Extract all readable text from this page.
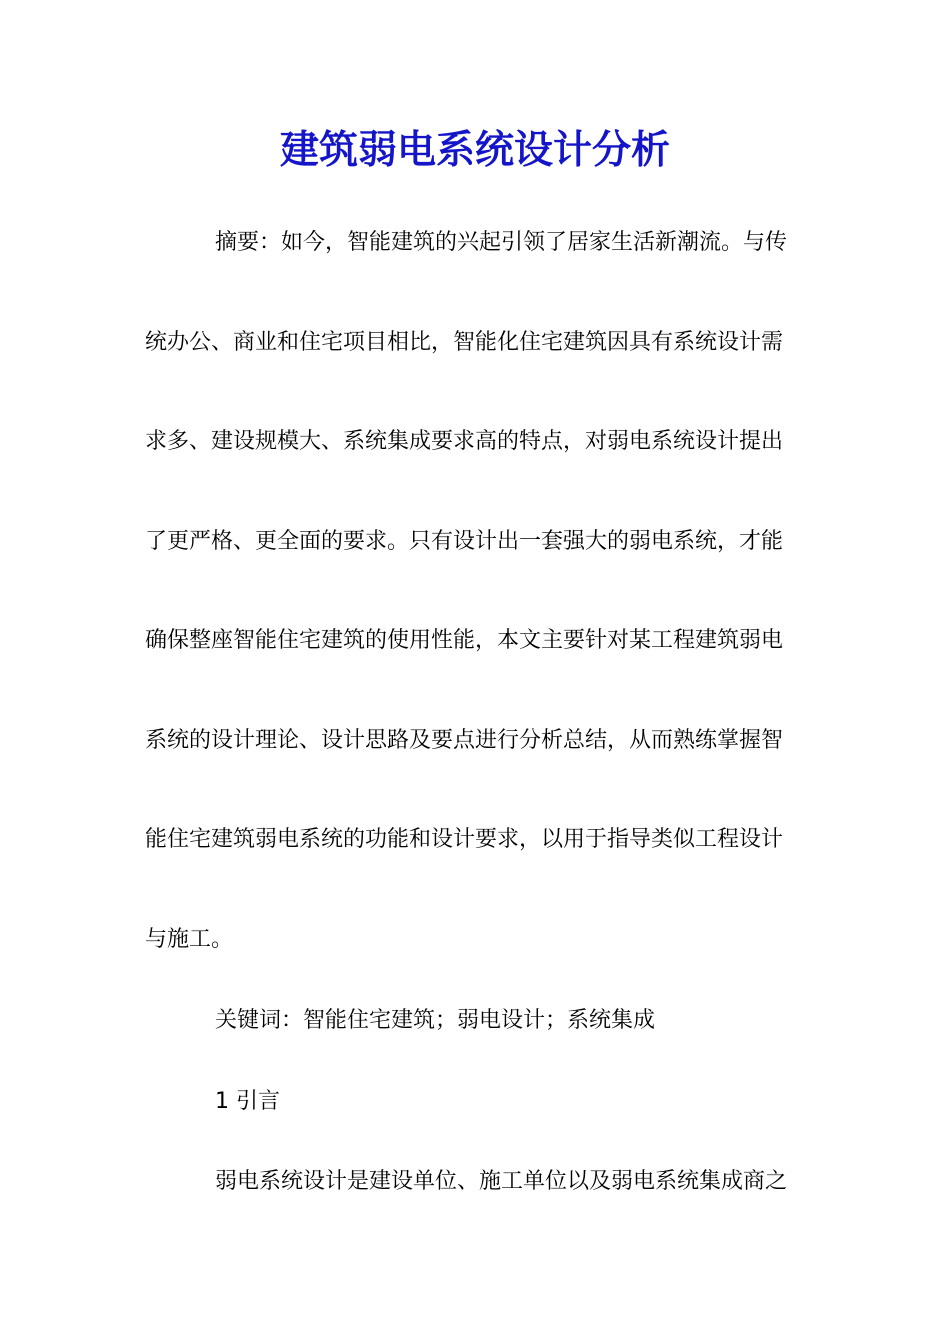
建筑弱电系统设计分析
摘要：如今，智能建筑的兴起引领了居家生活新潮流。与传
统办公、商业和住宅项目相比，智能化住宅建筑因具有系统设计需
求多、建设规模大、系统集成要求高的特点，对弱电系统设计提出
了更严格、更全面的要求。只有设计出一套强大的弱电系统，才能
确保整座智能住宅建筑的使用性能，本文主要针对某工程建筑弱电
系统的设计理论、设计思路及要点进行分析总结，从而熟练掌握智
能住宅建筑弱电系统的功能和设计要求，以用于指导类似工程设计
与施工。
关键词：智能住宅建筑；弱电设计；系统集成
1 引言
弱电系统设计是建设单位、施工单位以及弱电系统集成商之
